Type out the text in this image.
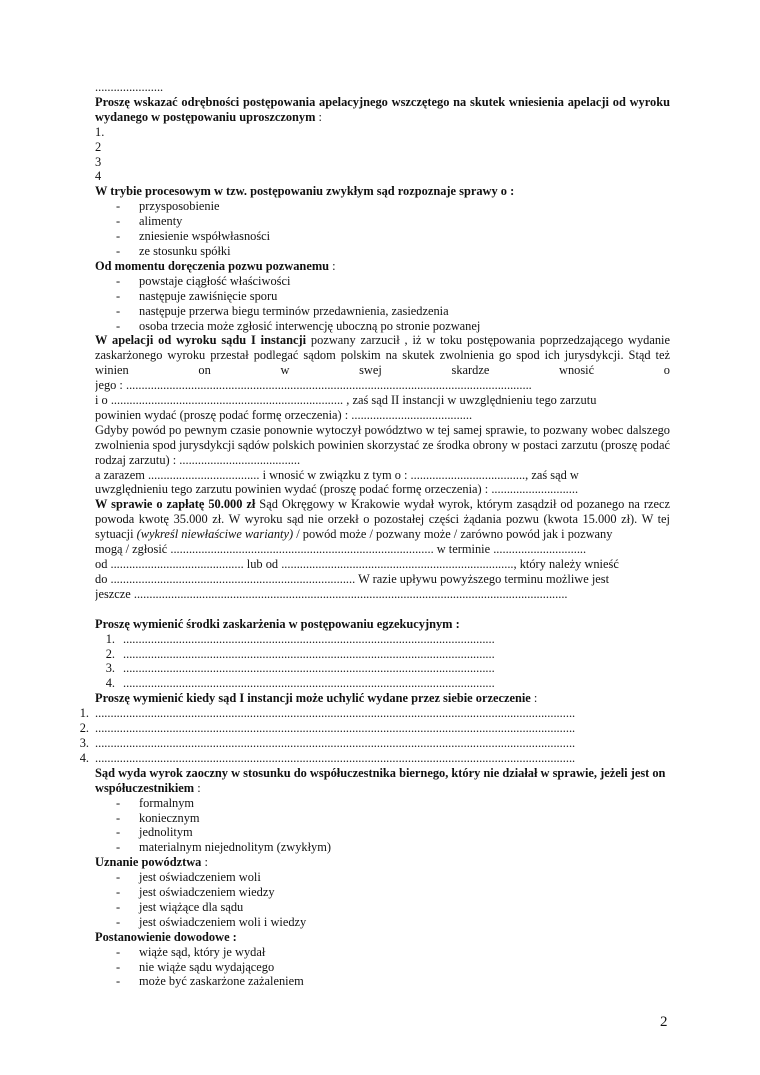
......................

Proszę wskazać odrębności postępowania apelacyjnego wszczętego na skutek wniesienia apelacji od wyroku wydanego w postępowaniu uproszczonym :

1.

2

3

4

W trybie procesowym w tzw. postępowaniu zwykłym sąd rozpoznaje sprawy o :

- przysposobienie
- alimenty
- zniesienie współwłasności
- ze stosunku spółki

Od momentu doręczenia pozwu pozwanemu :

- powstaje ciągłość właściwości
- następuje zawiśnięcie sporu
- następuje przerwa biegu terminów przedawnienia, zasiedzenia
- osoba trzecia może zgłosić interwencję uboczną po stronie pozwanej

W apelacji od wyroku sądu I instancji pozwany zarzucił , iż w toku postępowania poprzedzającego wydanie zaskarżonego wyroku przestał podlegać sądom polskim na skutek zwolnienia go spod ich jurysdykcji. Stąd też winien on w swej skardze wnosić o

jego : ...................................................................................................................................

i o ........................................................................... , zaś sąd II instancji w uwzględnieniu tego zarzutu

powinien wydać (proszę podać formę orzeczenia) : .......................................

Gdyby powód po pewnym czasie ponownie wytoczył powództwo w tej samej sprawie, to pozwany wobec dalszego zwolnienia spod jurysdykcji sądów polskich powinien skorzystać ze środka obrony w postaci zarzutu (proszę podać rodzaj zarzutu) : .......................................

a zarazem .................................... i wnosić w związku z tym o : ....................................., zaś sąd w

uwzględnieniu tego zarzutu powinien wydać (proszę podać formę orzeczenia) : ............................

W sprawie o zapłatę 50.000 zł Sąd Okręgowy w Krakowie wydał wyrok, którym zasądził od pozanego na rzecz powoda kwotę 35.000 zł. W wyroku sąd nie orzekł o pozostałej części żądania pozwu (kwota 15.000 zł). W tej sytuacji (wykreśl niewłaściwe warianty) / powód może / pozwany może / zarówno powód jak i pozwany

mogą / zgłosić ..................................................................................... w terminie ..............................

od ........................................... lub od ..........................................................................., który należy wnieść

do ............................................................................... W razie upływu powyższego terminu możliwe jest

jeszcze ............................................................................................................................................

Proszę wymienić środki zaskarżenia w postępowaniu egzekucyjnym :

1. ........................................................................................................................
2. ........................................................................................................................
3. ........................................................................................................................
4. ........................................................................................................................

Proszę wymienić kiedy sąd I instancji może uchylić wydane przez siebie orzeczenie :

1. ...........................................................................................................................................................
2. ...........................................................................................................................................................
3. ...........................................................................................................................................................
4. ...........................................................................................................................................................

Sąd wyda wyrok zaoczny w stosunku do współuczestnika biernego, który nie działał w sprawie, jeżeli jest on współuczestnikiem :

- formalnym
- koniecznym
- jednolitym
- materialnym niejednolitym (zwykłym)

Uznanie powództwa :

- jest oświadczeniem woli
- jest oświadczeniem wiedzy
- jest wiążące dla sądu
- jest oświadczeniem woli i wiedzy

Postanowienie dowodowe :

- wiąże sąd, który je wydał
- nie wiąże sądu wydającego
- może być zaskarżone zażaleniem
2
